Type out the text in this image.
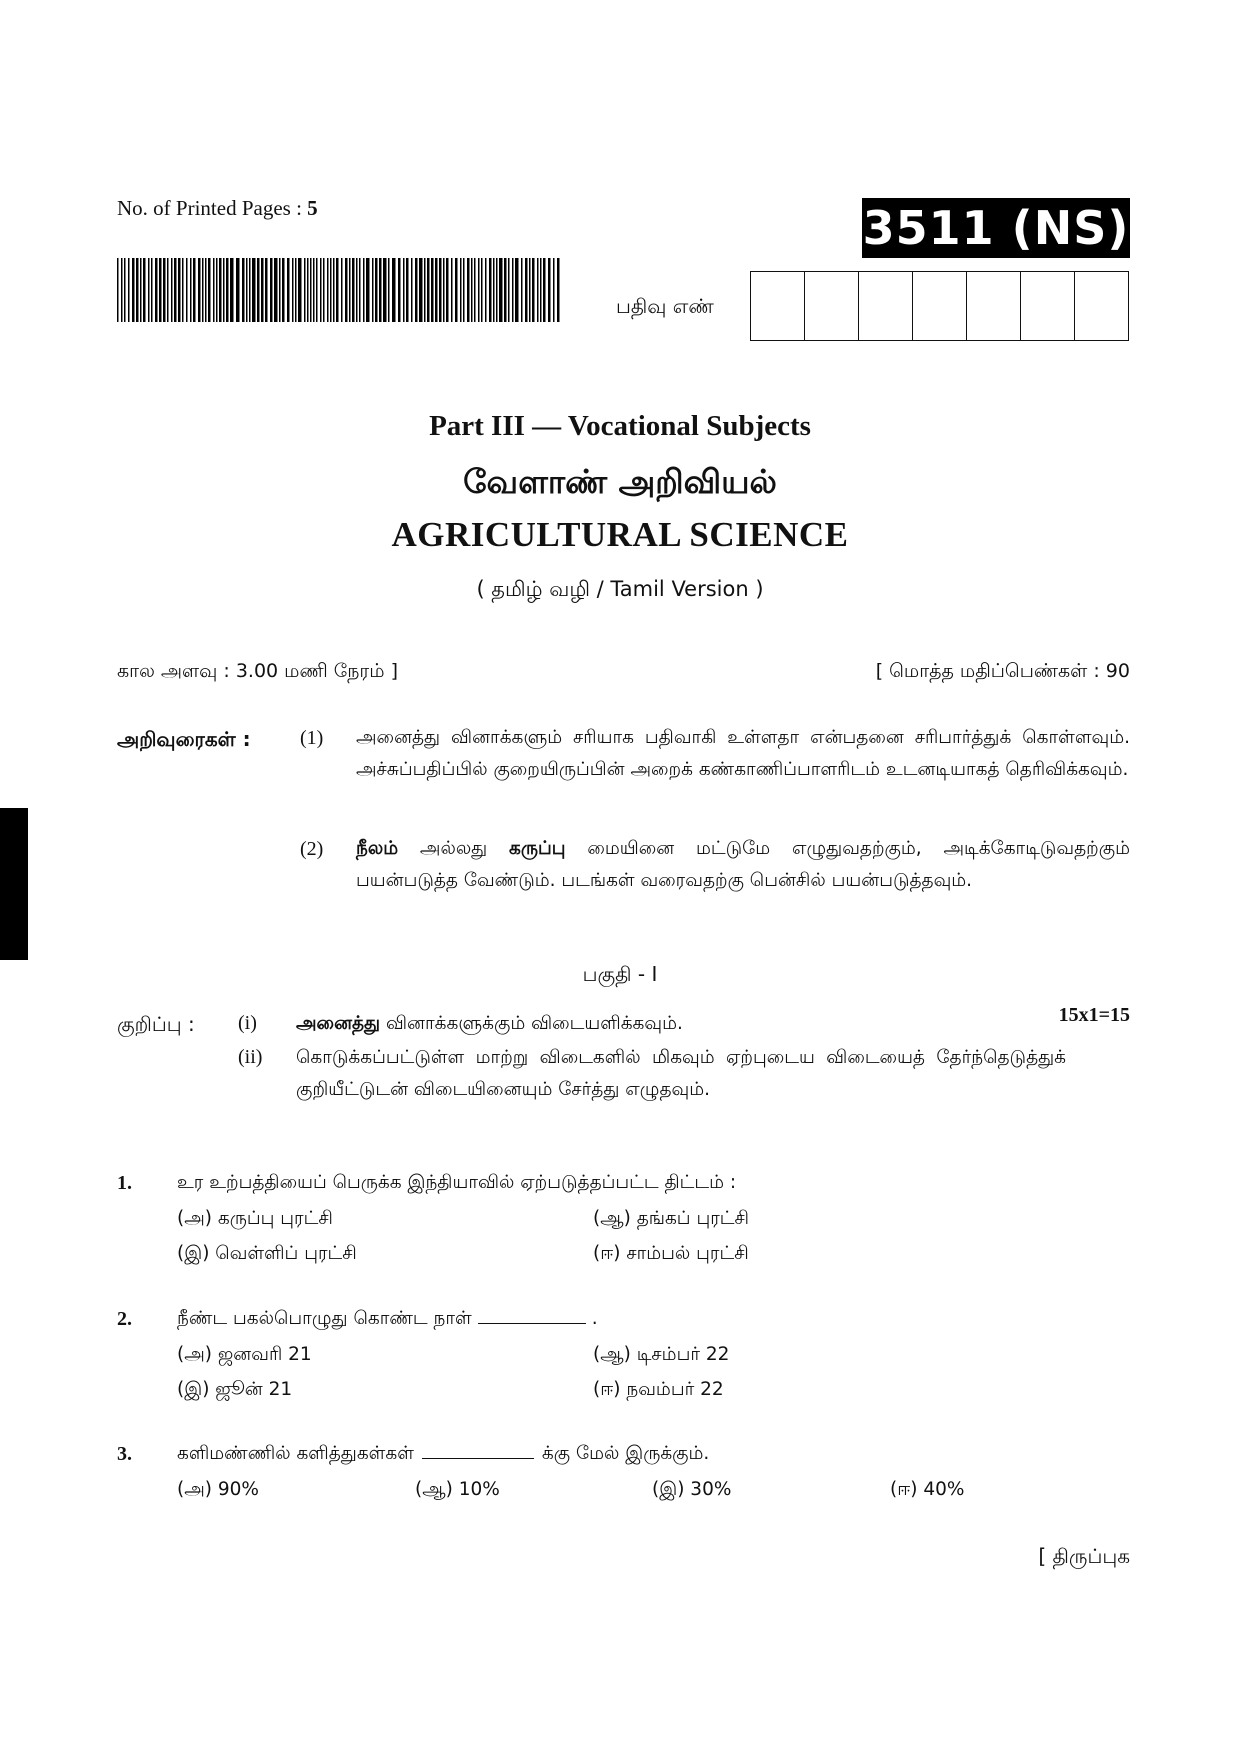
No. of Printed Pages : 5	3511 (NS)
பதிவு எண்
Part III — Vocational Subjects
வேளாண் அறிவியல்
AGRICULTURAL SCIENCE
( தமிழ் வழி / Tamil Version )
கால அளவு : 3.00 மணி நேரம் ]	[ மொத்த மதிப்பெண்கள் : 90
அறிவுரைகள் : (1) அனைத்து வினாக்களும் சரியாக பதிவாகி உள்ளதா என்பதனை சரிபார்த்துக் கொள்ளவும். அச்சுப்பதிப்பில் குறையிருப்பின் அறைக் கண்காணிப்பாளரிடம் உடனடியாகத் தெரிவிக்கவும்.
(2) நீலம் அல்லது கருப்பு மையினை மட்டுமே எழுதுவதற்கும், அடிக்கோடிடுவதற்கும் பயன்படுத்த வேண்டும். படங்கள் வரைவதற்கு பென்சில் பயன்படுத்தவும்.
பகுதி - I
குறிப்பு : (i) அனைத்து வினாக்களுக்கும் விடையளிக்கவும்.	15x1=15
(ii) கொடுக்கப்பட்டுள்ள மாற்று விடைகளில் மிகவும் ஏற்புடைய விடையைத் தேர்ந்தெடுத்துக் குறியீட்டுடன் விடையினையும் சேர்த்து எழுதவும்.
1. உர உற்பத்தியைப் பெருக்க இந்தியாவில் ஏற்படுத்தப்பட்ட திட்டம் :
(அ) கருப்பு புரட்சி	(ஆ) தங்கப் புரட்சி
(இ) வெள்ளிப் புரட்சி	(ஈ) சாம்பல் புரட்சி
2. நீண்ட பகல்பொழுது கொண்ட நாள்	.
(அ) ஜனவரி 21	(ஆ) டிசம்பர் 22
(இ) ஜூன் 21	(ஈ) நவம்பர் 22
3. களிமண்ணில் களித்துகள்கள்	க்கு மேல் இருக்கும்.
(அ) 90%	(ஆ) 10%	(இ) 30%	(ஈ) 40%
[ திருப்புக
